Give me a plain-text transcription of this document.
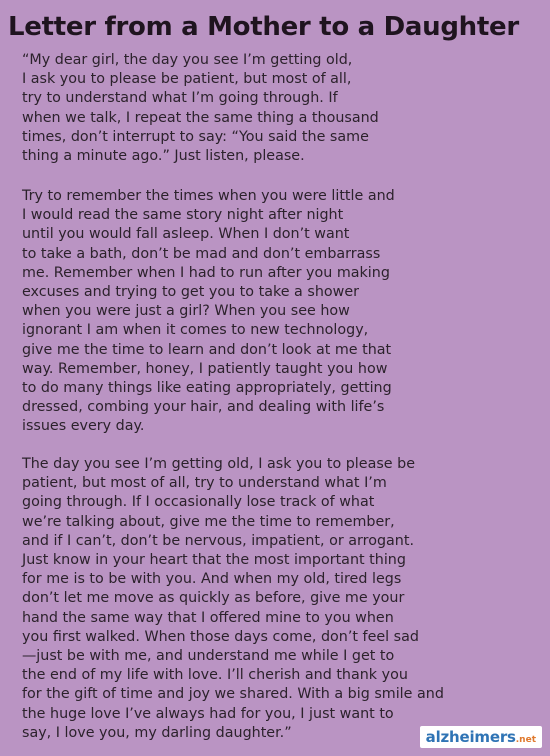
Letter from a Mother to a Daughter

“My dear girl, the day you see I’m getting old,
I ask you to please be patient, but most of all,
try to understand what I’m going through. If
when we talk, I repeat the same thing a thousand
times, don’t interrupt to say: “You said the same
thing a minute ago.” Just listen, please.

Try to remember the times when you were little and
I would read the same story night after night
until you would fall asleep. When I don’t want
to take a bath, don’t be mad and don’t embarrass
me. Remember when I had to run after you making
excuses and trying to get you to take a shower
when you were just a girl? When you see how
ignorant I am when it comes to new technology,
give me the time to learn and don’t look at me that
way. Remember, honey, I patiently taught you how
to do many things like eating appropriately, getting
dressed, combing your hair, and dealing with life’s
issues every day.

The day you see I’m getting old, I ask you to please be
patient, but most of all, try to understand what I’m
going through. If I occasionally lose track of what
we’re talking about, give me the time to remember,
and if I can’t, don’t be nervous, impatient, or arrogant.
Just know in your heart that the most important thing
for me is to be with you. And when my old, tired legs
don’t let me move as quickly as before, give me your
hand the same way that I offered mine to you when
you first walked. When those days come, don’t feel sad
—just be with me, and understand me while I get to
the end of my life with love. I’ll cherish and thank you
for the gift of time and joy we shared. With a big smile and
the huge love I’ve always had for you, I just want to
say, I love you, my darling daughter.”	alzheimers.net
